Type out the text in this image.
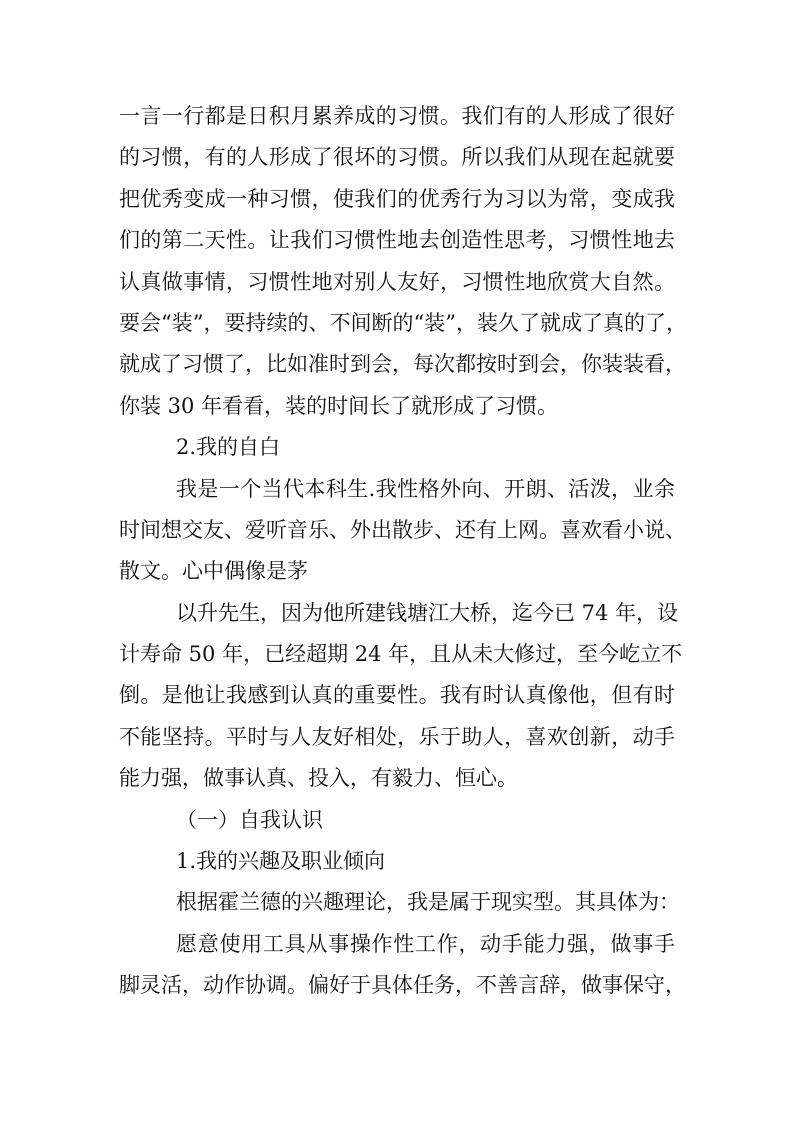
一言一行都是日积月累养成的习惯。我们有的人形成了很好
的习惯，有的人形成了很坏的习惯。所以我们从现在起就要
把优秀变成一种习惯，使我们的优秀行为习以为常，变成我
们的第二天性。让我们习惯性地去创造性思考，习惯性地去
认真做事情，习惯性地对别人友好，习惯性地欣赏大自然。
要会“装”，要持续的、不间断的“装”，装久了就成了真的了，
就成了习惯了，比如准时到会，每次都按时到会，你装装看，
你装 30 年看看，装的时间长了就形成了习惯。
2.我的自白
我是一个当代本科生.我性格外向、开朗、活泼，业余
时间想交友、爱听音乐、外出散步、还有上网。喜欢看小说、
散文。心中偶像是茅
以升先生，因为他所建钱塘江大桥，迄今已 74 年，设
计寿命 50 年，已经超期 24 年，且从未大修过，至今屹立不
倒。是他让我感到认真的重要性。我有时认真像他，但有时
不能坚持。平时与人友好相处，乐于助人，喜欢创新，动手
能力强，做事认真、投入，有毅力、恒心。
（一）自我认识
1.我的兴趣及职业倾向
根据霍兰德的兴趣理论，我是属于现实型。其具体为：
愿意使用工具从事操作性工作，动手能力强，做事手
脚灵活，动作协调。偏好于具体任务，不善言辞，做事保守，
